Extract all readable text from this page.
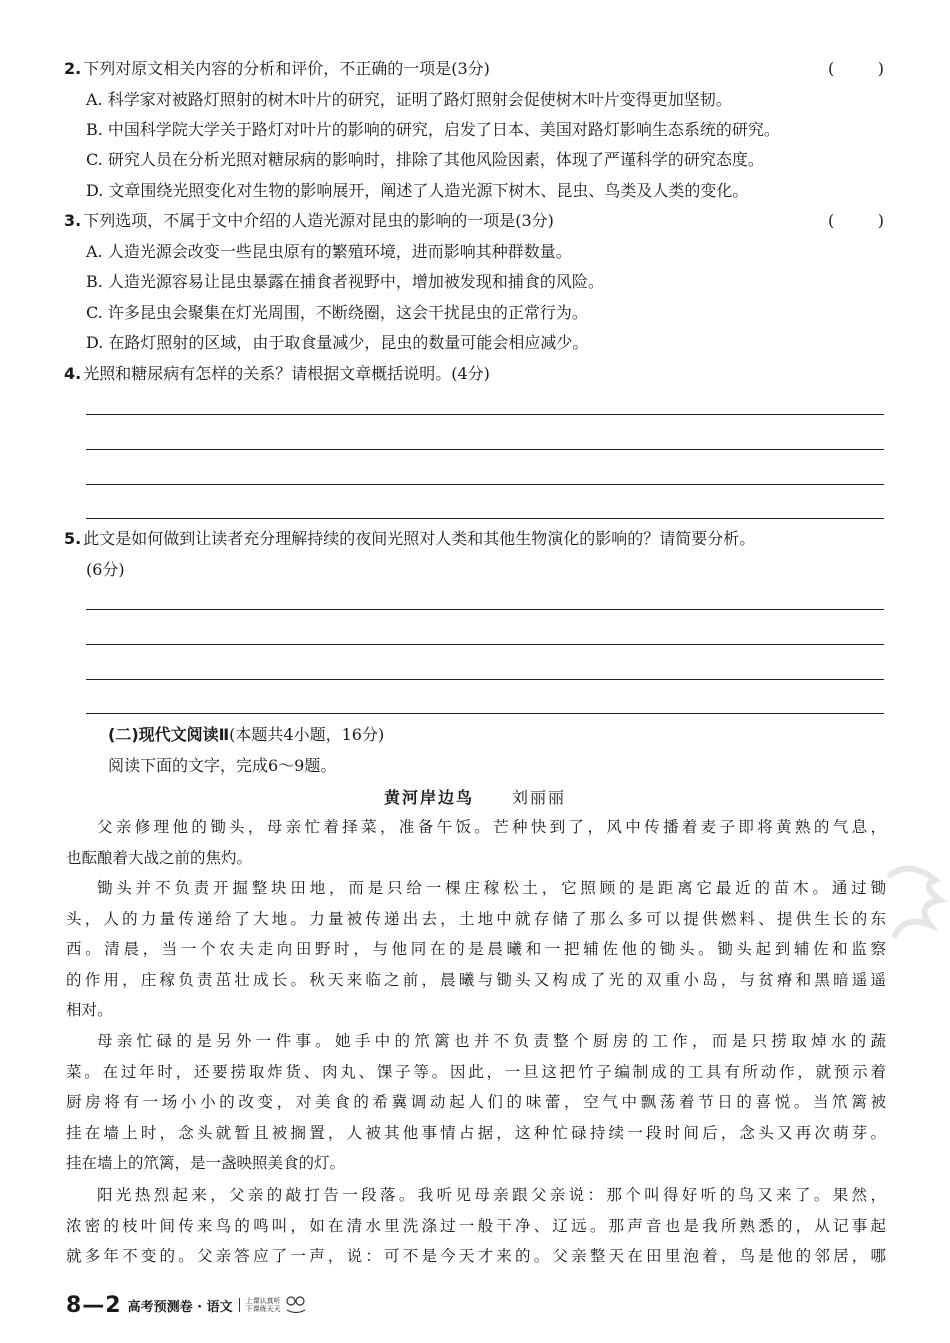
2. 下列对原文相关内容的分析和评价，不正确的一项是(3分)	(	)
A. 科学家对被路灯照射的树木叶片的研究，证明了路灯照射会促使树木叶片变得更加坚韧。
B. 中国科学院大学关于路灯对叶片的影响的研究，启发了日本、美国对路灯影响生态系统的研究。
C. 研究人员在分析光照对糖尿病的影响时，排除了其他风险因素，体现了严谨科学的研究态度。
D. 文章围绕光照变化对生物的影响展开，阐述了人造光源下树木、昆虫、鸟类及人类的变化。
3. 下列选项，不属于文中介绍的人造光源对昆虫的影响的一项是(3分)	(	)
A. 人造光源会改变一些昆虫原有的繁殖环境，进而影响其种群数量。
B. 人造光源容易让昆虫暴露在捕食者视野中，增加被发现和捕食的风险。
C. 许多昆虫会聚集在灯光周围，不断绕圈，这会干扰昆虫的正常行为。
D. 在路灯照射的区域，由于取食量减少，昆虫的数量可能会相应减少。
4. 光照和糖尿病有怎样的关系？请根据文章概括说明。(4分)
5. 此文是如何做到让读者充分理解持续的夜间光照对人类和其他生物演化的影响的？请简要分析。
(6分)
(二)现代文阅读Ⅱ(本题共4小题，16分)
阅读下面的文字，完成6～9题。
黄河岸边鸟 刘丽丽
父亲修理他的锄头，母亲忙着择菜，准备午饭。芒种快到了，风中传播着麦子即将黄熟的气息，
也酝酿着大战之前的焦灼。
锄头并不负责开掘整块田地，而是只给一棵庄稼松土，它照顾的是距离它最近的苗木。通过锄
头，人的力量传递给了大地。力量被传递出去，土地中就存储了那么多可以提供燃料、提供生长的东
西。清晨，当一个农夫走向田野时，与他同在的是晨曦和一把辅佐他的锄头。锄头起到辅佐和监察
的作用，庄稼负责茁壮成长。秋天来临之前，晨曦与锄头又构成了光的双重小岛，与贫瘠和黑暗遥遥
相对。
母亲忙碌的是另外一件事。她手中的笊篱也并不负责整个厨房的工作，而是只捞取焯水的蔬
菜。在过年时，还要捞取炸货、肉丸、馃子等。因此，一旦这把竹子编制成的工具有所动作，就预示着
厨房将有一场小小的改变，对美食的希冀调动起人们的味蕾，空气中飘荡着节日的喜悦。当笊篱被
挂在墙上时，念头就暂且被搁置，人被其他事情占据，这种忙碌持续一段时间后，念头又再次萌芽。
挂在墙上的笊篱，是一盏映照美食的灯。
阳光热烈起来，父亲的敲打告一段落。我听见母亲跟父亲说：那个叫得好听的鸟又来了。果然，
浓密的枝叶间传来鸟的鸣叫，如在清水里洗涤过一般干净、辽远。那声音也是我所熟悉的，从记事起
就多年不变的。父亲答应了一声，说：可不是今天才来的。父亲整天在田里泡着，鸟是他的邻居，哪
8—2 高考预测卷 · 语文 上课认真听
下课练天天
